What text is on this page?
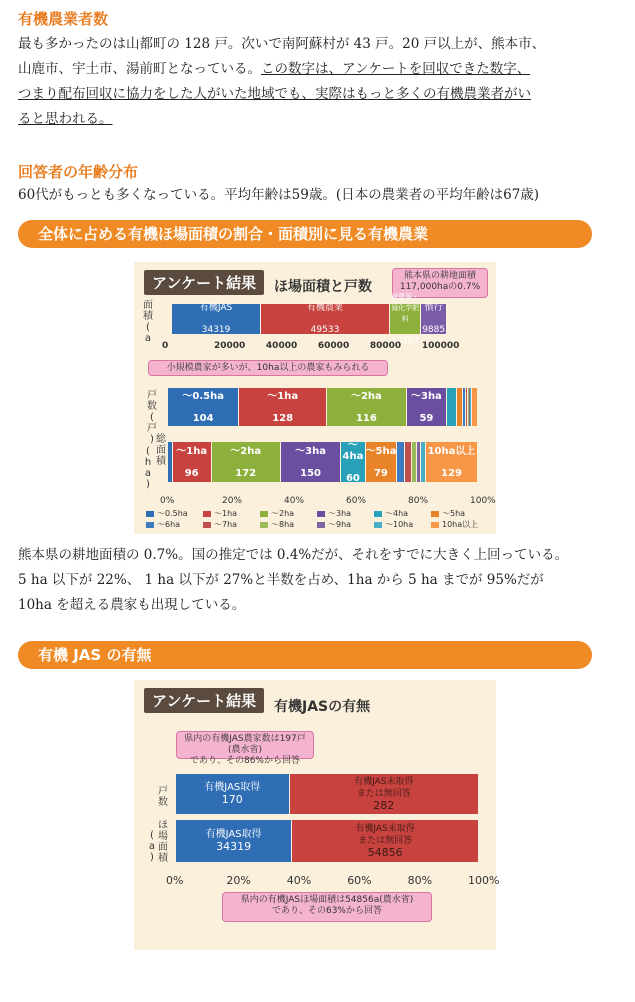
有機農業者数
最も多かったのは山都町の 128 戸。次いで南阿蘇村が 43 戸。20 戸以上が、熊本市、
山鹿市、宇土市、湯前町となっている。この数字は、アンケートを回収できた数字、
つまり配布回収に協力をした人がいた地域でも、実際はもっと多くの有機農業者がい
ると思われる。
回答者の年齢分布
60代がもっとも多くなっている。平均年齢は59歳。(日本の農業者の平均年齢は67歳)
全体に占める有機ほ場面積の割合・面積別に見る有機農業
アンケート結果	ほ場面積と戸数
熊本県の耕地面積
117,000haの0.7%
面
積
(
a
有機JAS

34319
有機農業

49533
減農薬・減化学肥料

12107
慣行

9885
0	20000 40000 60000 80000 100000
小規模農家が多いが、10ha以上の農家もみられる
戸
数
(
戸
)
(
h
a
)
総
面
積
〜0.5ha

104
〜1ha

128
〜2ha

116
〜3ha

59
〜1ha

96
〜2ha

172
〜3ha

150
〜4ha

60
〜5ha

79
10ha以上

129
0%	20%	40%	60%	80%	100%
〜0.5ha	〜1ha	〜2ha	〜3ha	〜4ha	〜5ha
〜6ha	〜7ha	〜8ha	〜9ha	〜10ha	10ha以上
熊本県の耕地面積の 0.7%。国の推定では 0.4%だが、それをすでに大きく上回っている。
5 ha 以下が 22%、 1 ha 以下が 27%と半数を占め、1ha から 5 ha までが 95%だが
10ha を超える農家も出現している。
有機 JAS の有無
アンケート結果	有機JASの有無
県内の有機JAS農家数は197戸(農水省)
であり、その86%から回答
戸
数
(
a
)
ほ
場
面
積
有機JAS取得
170
有機JAS未取得
または無回答
282
有機JAS取得
34319
有機JAS未取得
または無回答
54856
0%	20%	40%	60%	80%	100%
県内の有機JASほ場面積は54856a(農水省)
であり、その63%から回答
